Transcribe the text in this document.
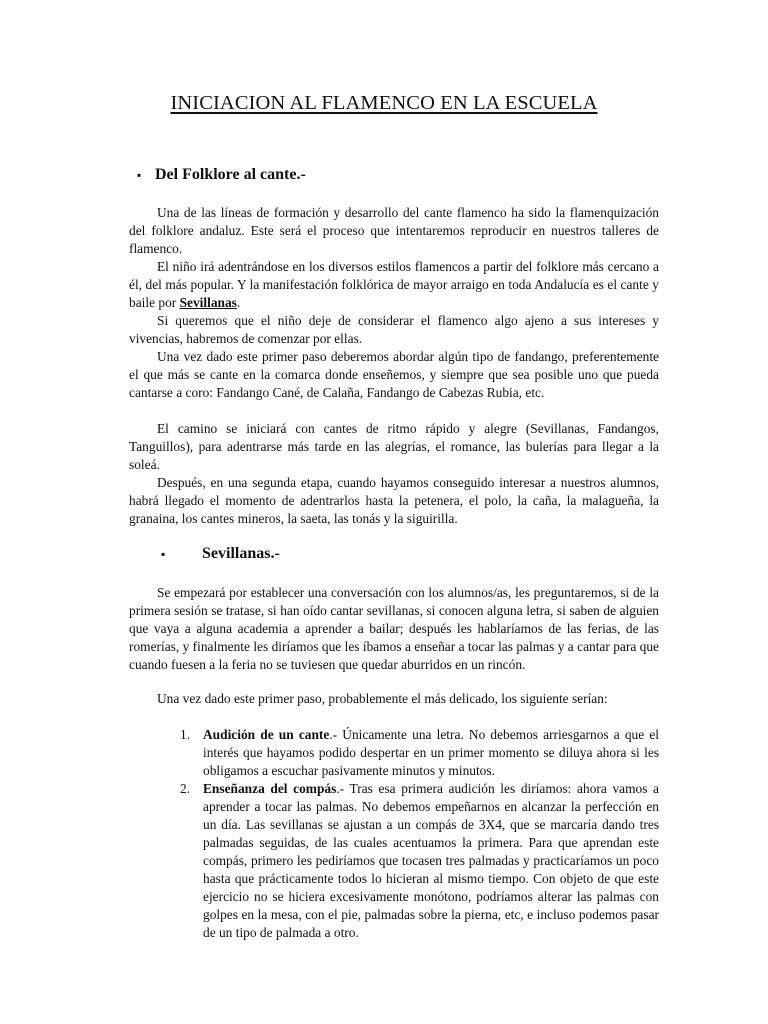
INICIACION AL FLAMENCO EN LA ESCUELA
▪ Del Folklore al cante.-

Una de las líneas de formación y desarrollo del cante flamenco ha sido la flamenquización del folklore andaluz. Este será el proceso que intentaremos reproducir en nuestros talleres de flamenco.

El niño irá adentrándose en los diversos estilos flamencos a partir del folklore más cercano a él, del más popular. Y la manifestación folklórica de mayor arraigo en toda Andalucía es el cante y baile por Sevillanas.

Si queremos que el niño deje de considerar el flamenco algo ajeno a sus intereses y vivencias, habremos de comenzar por ellas.

Una vez dado este primer paso deberemos abordar algún tipo de fandango, preferentemente el que más se cante en la comarca donde enseñemos, y siempre que sea posible uno que pueda cantarse a coro: Fandango Cané, de Calaña, Fandango de Cabezas Rubia, etc.

El camino se iniciará con cantes de ritmo rápido y alegre (Sevillanas, Fandangos, Tanguillos), para adentrarse más tarde en las alegrías, el romance, las bulerías para llegar a la soleá.

Después, en una segunda etapa, cuando hayamos conseguido interesar a nuestros alumnos, habrá llegado el momento de adentrarlos hasta la petenera, el polo, la caña, la malagueña, la granaina, los cantes mineros, la saeta, las tonás y la siguirilla.

▪ Sevillanas.-

Se empezará por establecer una conversación con los alumnos/as, les preguntaremos, si de la primera sesión se tratase, si han oído cantar sevillanas, si conocen alguna letra, si saben de alguien que vaya a alguna academia a aprender a bailar; después les hablaríamos de las ferias, de las romerías, y finalmente les diríamos que les íbamos a enseñar a tocar las palmas y a cantar para que cuando fuesen a la feria no se tuviesen que quedar aburridos en un rincón.

Una vez dado este primer paso, probablemente el más delicado, los siguiente serían:

1. Audición de un cante.- Únicamente una letra. No debemos arriesgarnos a que el interés que hayamos podido despertar en un primer momento se diluya ahora si les obligamos a escuchar pasivamente minutos y minutos.
2. Enseñanza del compás.- Tras esa primera audición les diríamos: ahora vamos a aprender a tocar las palmas. No debemos empeñarnos en alcanzar la perfección en un día. Las sevillanas se ajustan a un compás de 3X4, que se marcaría dando tres palmadas seguidas, de las cuales acentuamos la primera. Para que aprendan este compás, primero les pediríamos que tocasen tres palmadas y practicaríamos un poco hasta que prácticamente todos lo hicieran al mismo tiempo. Con objeto de que este ejercicio no se hiciera excesivamente monótono, podríamos alterar las palmas con golpes en la mesa, con el pie, palmadas sobre la pierna, etc, e incluso podemos pasar de un tipo de palmada a otro.
